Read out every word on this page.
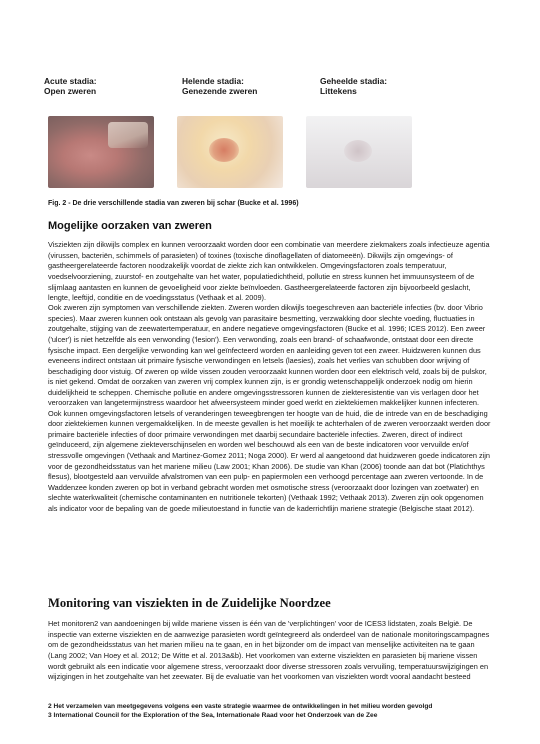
Acute stadia:
Open zweren
Helende stadia:
Genezende zweren
Geheelde stadia:
Littekens
Fig. 2 - De drie verschillende stadia van zweren bij schar (Bucke et al. 1996)
Mogelijke oorzaken van zweren

Visziekten zijn dikwijls complex en kunnen veroorzaakt worden door een combinatie van meerdere ziekmakers zoals infectieuze agentia (virussen, bacteriën, schimmels of parasieten) of toxines (toxische dinoflagellaten of diatomeeën). Dikwijls zijn omgevings- of gastheergerelateerde factoren noodzakelijk voordat de ziekte zich kan ontwikkelen. Omgevingsfactoren zoals temperatuur, voedselvoorziening, zuurstof- en zoutgehalte van het water, populatiedichtheid, pollutie en stress kunnen het immuunsysteem of de slijmlaag aantasten en kunnen de gevoeligheid voor ziekte beïnvloeden. Gastheergerelateerde factoren zijn bijvoorbeeld geslacht, lengte, leeftijd, conditie en de voedingsstatus (Vethaak et al. 2009).

Ook zweren zijn symptomen van verschillende ziekten. Zweren worden dikwijls toegeschreven aan bacteriële infecties (bv. door Vibrio species). Maar zweren kunnen ook ontstaan als gevolg van parasitaire besmetting, verzwakking door slechte voeding, fluctuaties in zoutgehalte, stijging van de zeewatertemperatuur, en andere negatieve omgevingsfactoren (Bucke et al. 1996; ICES 2012). Een zweer ('ulcer') is niet hetzelfde als een verwonding ('lesion'). Een verwonding, zoals een brand- of schaafwonde, ontstaat door een directe fysische impact. Een dergelijke verwonding kan wel geïnfecteerd worden en aanleiding geven tot een zweer. Huidzweren kunnen dus eveneens indirect ontstaan uit primaire fysische verwondingen en letsels (laesies), zoals het verlies van schubben door wrijving of beschadiging door vistuig. Of zweren op wilde vissen zouden veroorzaakt kunnen worden door een elektrisch veld, zoals bij de pulskor, is niet gekend. Omdat de oorzaken van zweren vrij complex kunnen zijn, is er grondig wetenschappelijk onderzoek nodig om hierin duidelijkheid te scheppen. Chemische pollutie en andere omgevingsstressoren kunnen de ziekteresistentie van vis verlagen door het veroorzaken van langetermijnstress waardoor het afweersysteem minder goed werkt en ziektekiemen makkelijker kunnen infecteren. Ook kunnen omgevingsfactoren letsels of veranderingen teweegbrengen ter hoogte van de huid, die de intrede van en de beschadiging door ziektekiemen kunnen vergemakkelijken. In de meeste gevallen is het moeilijk te achterhalen of de zweren veroorzaakt werden door primaire bacteriële infecties of door primaire verwondingen met daarbij secundaire bacteriële infecties. Zweren, direct of indirect geïnduceerd, zijn algemene ziekteverschijnselen en worden wel beschouwd als een van de beste indicatoren voor vervuilde en/of stressvolle omgevingen (Vethaak and Martinez-Gomez 2011; Noga 2000). Er werd al aangetoond dat huidzweren goede indicatoren zijn voor de gezondheidsstatus van het mariene milieu (Law 2001; Khan 2006). De studie van Khan (2006) toonde aan dat bot (Platichthys flesus), blootgesteld aan vervuilde afvalstromen van een pulp- en papiermolen een verhoogd percentage aan zweren vertoonde. In de Waddenzee konden zweren op bot in verband gebracht worden met osmotische stress (veroorzaakt door lozingen van zoetwater) en slechte waterkwaliteit (chemische contaminanten en nutritionele tekorten) (Vethaak 1992; Vethaak 2013). Zweren zijn ook opgenomen als indicator voor de bepaling van de goede milieutoestand in functie van de kaderrichtlijn mariene strategie (Belgische staat 2012).

Monitoring van visziekten in de Zuidelijke Noordzee

Het monitoren2 van aandoeningen bij wilde mariene vissen is één van de 'verplichtingen' voor de ICES3 lidstaten, zoals België. De inspectie van externe visziekten en de aanwezige parasieten wordt geïntegreerd als onderdeel van de nationale monitoringscampagnes om de gezondheidsstatus van het marien milieu na te gaan, en in het bijzonder om de impact van menselijke activiteiten na te gaan (Lang 2002; Van Hoey et al. 2012; De Witte et al. 2013a&b). Het voorkomen van externe visziekten en parasieten bij mariene vissen wordt gebruikt als een indicatie voor algemene stress, veroorzaakt door diverse stressoren zoals vervuiling, temperatuurswijzigingen en wijzigingen in het zoutgehalte van het zeewater. Bij de evaluatie van het voorkomen van visziekten wordt vooral aandacht besteed

2 Het verzamelen van meetgegevens volgens een vaste strategie waarmee de ontwikkelingen in het milieu worden gevolgd
3 International Council for the Exploration of the Sea, Internationale Raad voor het Onderzoek van de Zee
